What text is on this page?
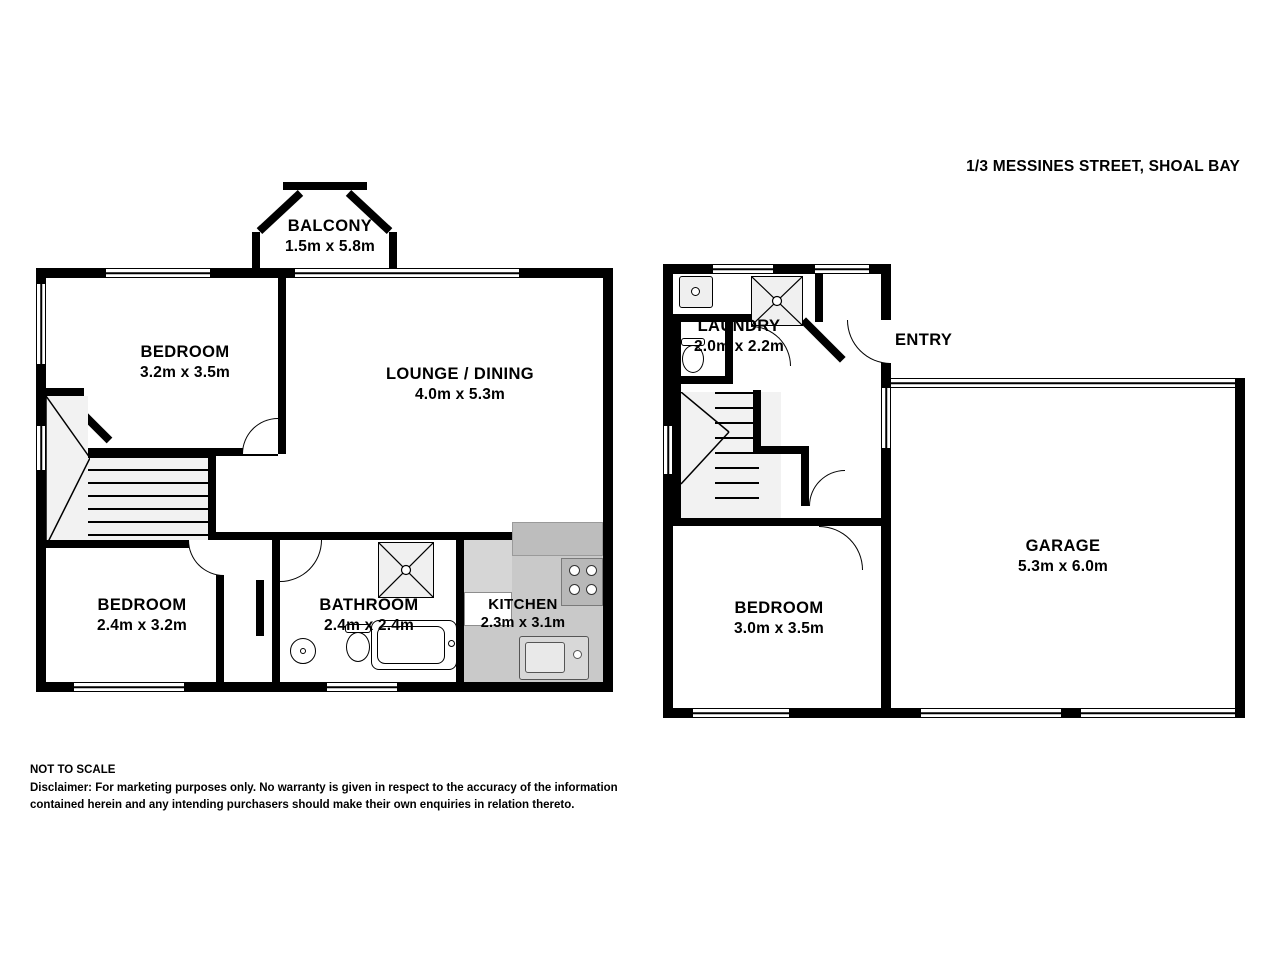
1/3 MESSINES STREET, SHOAL BAY
BALCONY
1.5m x 5.8m
BEDROOM
3.2m x 3.5m	LOUNGE / DINING
4.0m x 5.3m
BEDROOM
2.4m x 3.2m
BATHROOM
2.4m x 2.4m
KITCHEN
2.3m x 3.1m
LAUNDRY
2.0m x 2.2m	ENTRY
GARAGE
5.3m x 6.0m
BEDROOM
3.0m x 3.5m
NOT TO SCALE
Disclaimer: For marketing purposes only. No warranty is given in respect to the accuracy of the information
contained herein and any intending purchasers should make their own enquiries in relation thereto.
